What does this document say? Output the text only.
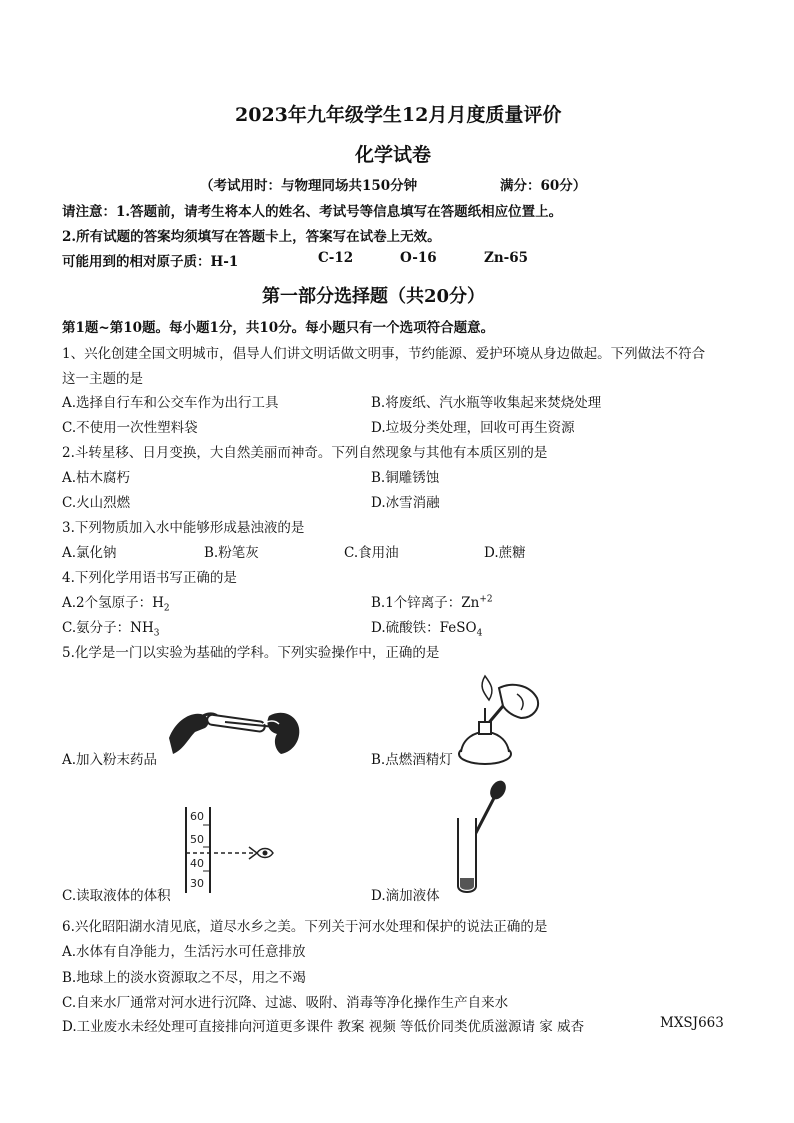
2023年九年级学生12月月度质量评价
化学试卷
（考试用时：与物理同场共150分钟	满分：60分）
请注意：1.答题前，请考生将本人的姓名、考试号等信息填写在答题纸相应位置上。
2.所有试题的答案均须填写在答题卡上，答案写在试卷上无效。
可能用到的相对原子质：H-1	C-12	O-16	Zn-65
第一部分选择题（共20分）
第1题~第10题。每小题1分，共10分。每小题只有一个选项符合题意。
1、兴化创建全国文明城市，倡导人们讲文明话做文明事，节约能源、爱护环境从身边做起。下列做法不符合
这一主题的是
A.选择自行车和公交车作为出行工具	B.将废纸、汽水瓶等收集起来焚烧处理
C.不使用一次性塑料袋	D.垃圾分类处理，回收可再生资源
2.斗转星移、日月变换，大自然美丽而神奇。下列自然现象与其他有本质区别的是
A.枯木腐朽	B.铜雕锈蚀
C.火山烈燃	D.冰雪消融
3.下列物质加入水中能够形成悬浊液的是
A.氯化钠	B.粉笔灰	C.食用油	D.蔗糖
4.下列化学用语书写正确的是
A.2个氢原子：$H_2$	B.1个锌离子：$Zn^{+2}$
C.氨分子：$NH_3$	D.硫酸铁：FeSO$_4$
5.化学是一门以实验为基础的学科。下列实验操作中，正确的是
A.加入粉末药品	B.点燃酒精灯
60
50
40
30
C.读取液体的体积	D.滴加液体
6.兴化昭阳湖水清见底，道尽水乡之美。下列关于河水处理和保护的说法正确的是
A.水体有自净能力，生活污水可任意排放
B.地球上的淡水资源取之不尽，用之不竭
C.自来水厂通常对河水进行沉降、过滤、吸附、消毒等净化操作生产自来水
D.工业废水未经处理可直接排向河道更多课件 教案 视频 等低价同类优质滋源请 家 威杏	MXSJ663
